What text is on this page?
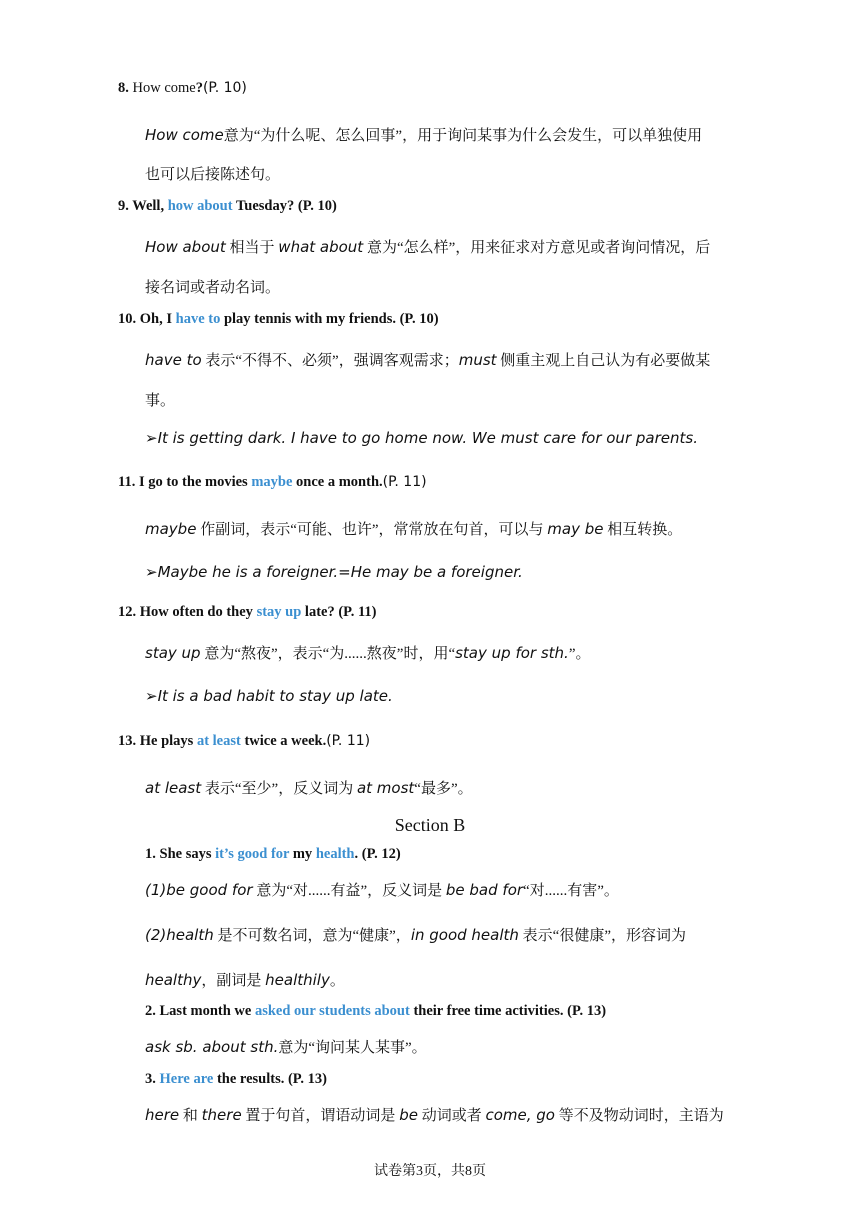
8. How come?(P. 10)
How come意为“为什么呢、怎么回事”，用于询问某事为什么会发生，可以单独使用
也可以后接陈述句。
9. Well, how about Tuesday? (P. 10)
How about 相当于 what about 意为“怎么样”，用来征求对方意见或者询问情况，后
接名词或者动名词。
10. Oh, I have to play tennis with my friends. (P. 10)
have to 表示“不得不、必须”，强调客观需求；must 侧重主观上自己认为有必要做某
事。
➢It is getting dark. I have to go home now. We must care for our parents.
11. I go to the movies maybe once a month.(P. 11)
maybe 作副词，表示“可能、也许”，常常放在句首，可以与 may be 相互转换。
➢Maybe he is a foreigner.=He may be a foreigner.
12. How often do they stay up late? (P. 11)
stay up 意为“熬夜”，表示“为......熬夜”时，用“stay up for sth.”。
➢It is a bad habit to stay up late.
13. He plays at least twice a week.(P. 11)
at least 表示“至少”，反义词为 at most“最多”。
Section B
1. She says it’s good for my health. (P. 12)
(1)be good for 意为“对......有益”，反义词是 be bad for“对......有害”。
(2)health 是不可数名词，意为“健康”，in good health 表示“很健康”，形容词为
healthy，副词是 healthily。
2. Last month we asked our students about their free time activities. (P. 13)
ask sb. about sth.意为“询问某人某事”。
3. Here are the results. (P. 13)
here 和 there 置于句首，谓语动词是 be 动词或者 come, go 等不及物动词时，主语为
试卷第3页，共8页
